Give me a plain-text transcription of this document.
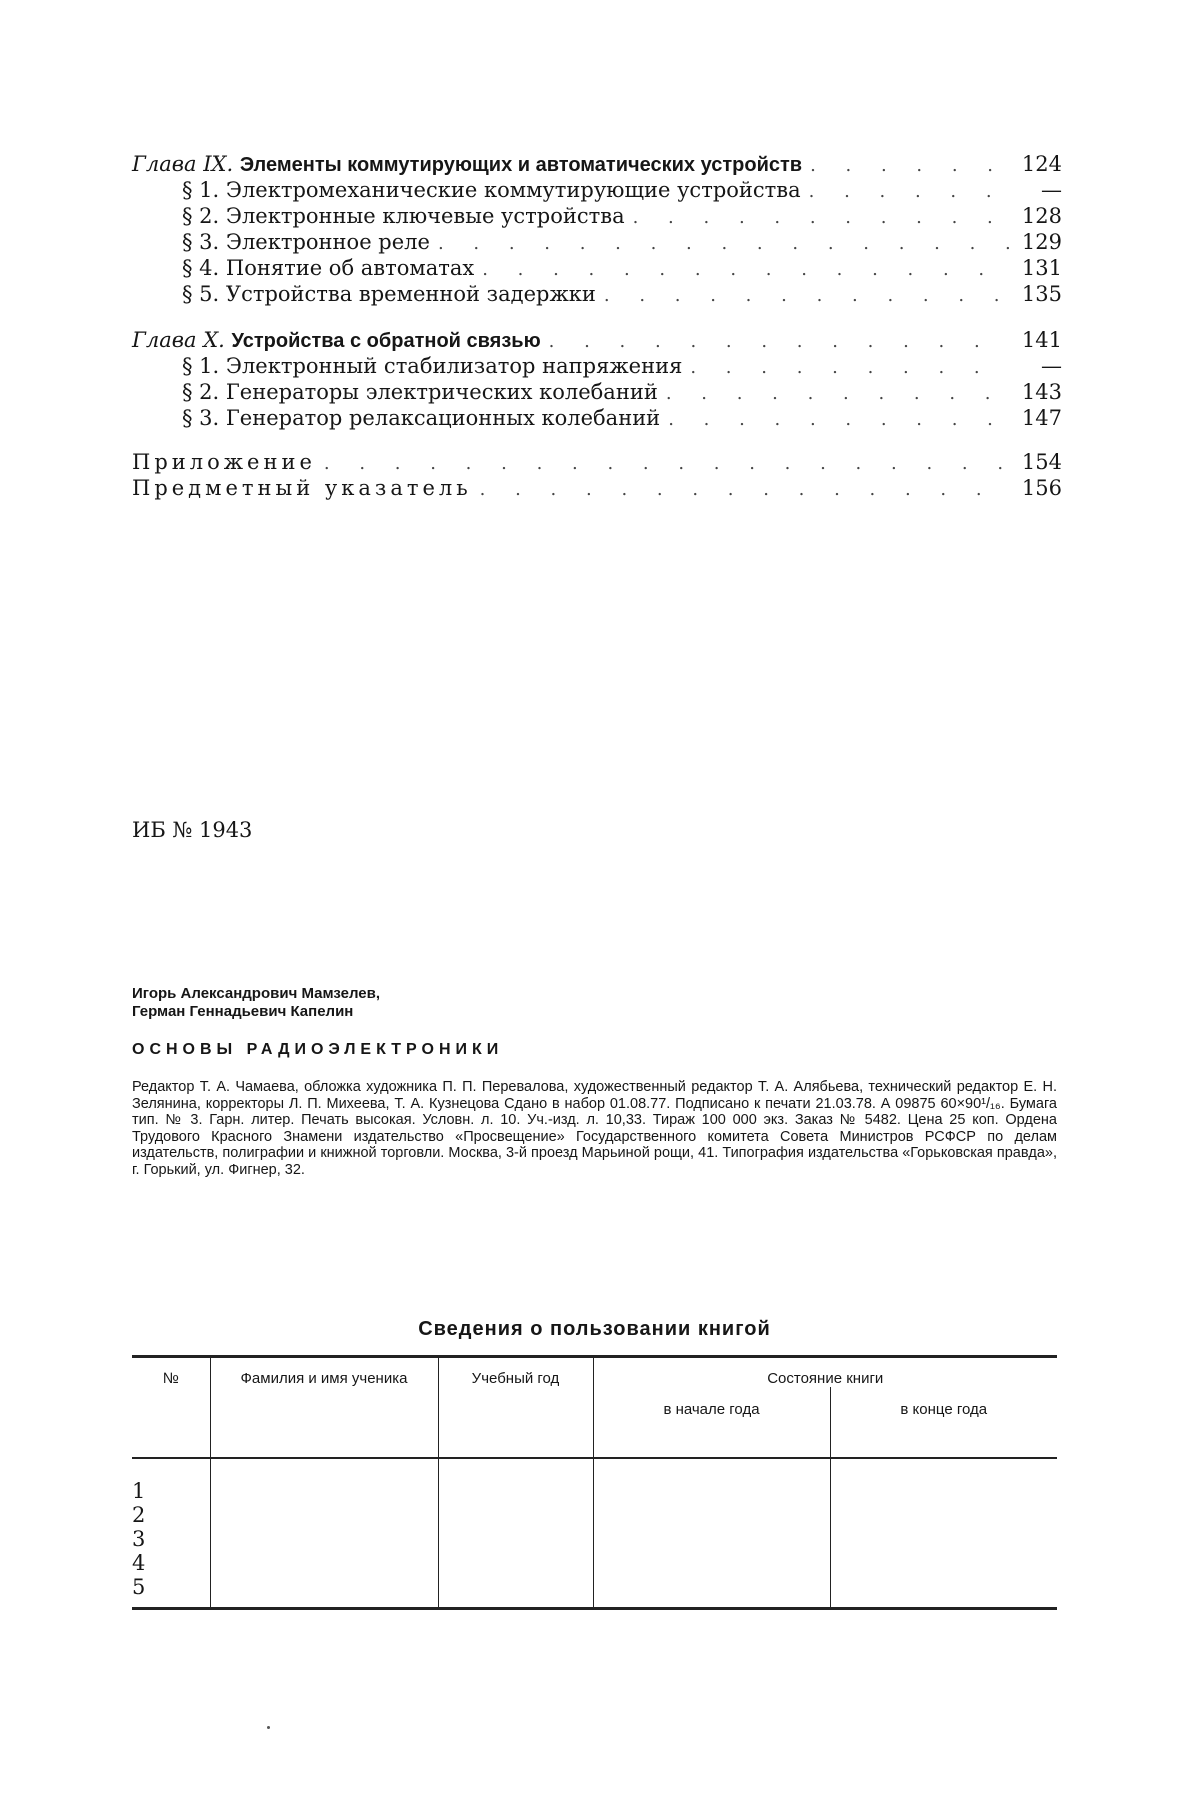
Глава IX. Элементы коммутирующих и автоматических устройств . . .	124
§ 1. Электромеханические коммутирующие устройства . . .	—
§ 2. Электронные ключевые устройства . . .	128
§ 3. Электронное реле . . .	129
§ 4. Понятие об автоматах . . .	131
§ 5. Устройства временной задержки . . .	135
Глава X. Устройства с обратной связью . . .	141
§ 1. Электронный стабилизатор напряжения . . .	—
§ 2. Генераторы электрических колебаний . . .	143
§ 3. Генератор релаксационных колебаний . . .	147
Приложение . . .	154
Предметный указатель . . .	156
ИБ № 1943
Игорь Александрович Мамзелев,
Герман Геннадьевич Капелин
ОСНОВЫ РАДИОЭЛЕКТРОНИКИ
Редактор Т. А. Чамаева, обложка художника П. П. Перевалова, художественный редактор Т. А. Алябьева, технический редактор Е. Н. Зелянина, корректоры Л. П. Михеева, Т. А. Кузнецова Сдано в набор 01.08.77. Подписано к печати 21.03.78. А 09875 60×90¹/₁₆. Бумага тип. № 3. Гарн. литер. Печать высокая. Условн. л. 10. Уч.-изд. л. 10,33. Тираж 100 000 экз. Заказ № 5482. Цена 25 коп. Ордена Трудового Красного Знамени издательство «Просвещение» Государственного комитета Совета Министров РСФСР по делам издательств, полиграфии и книжной торговли. Москва, 3-й проезд Марьиной рощи, 41. Типография издательства «Горьковская правда», г. Горький, ул. Фигнер, 32.
Сведения о пользовании книгой
№	Фамилия и имя ученика	Учебный год	Состояние книги	
			в начале года	в конце года

1
2
3
4
5				
